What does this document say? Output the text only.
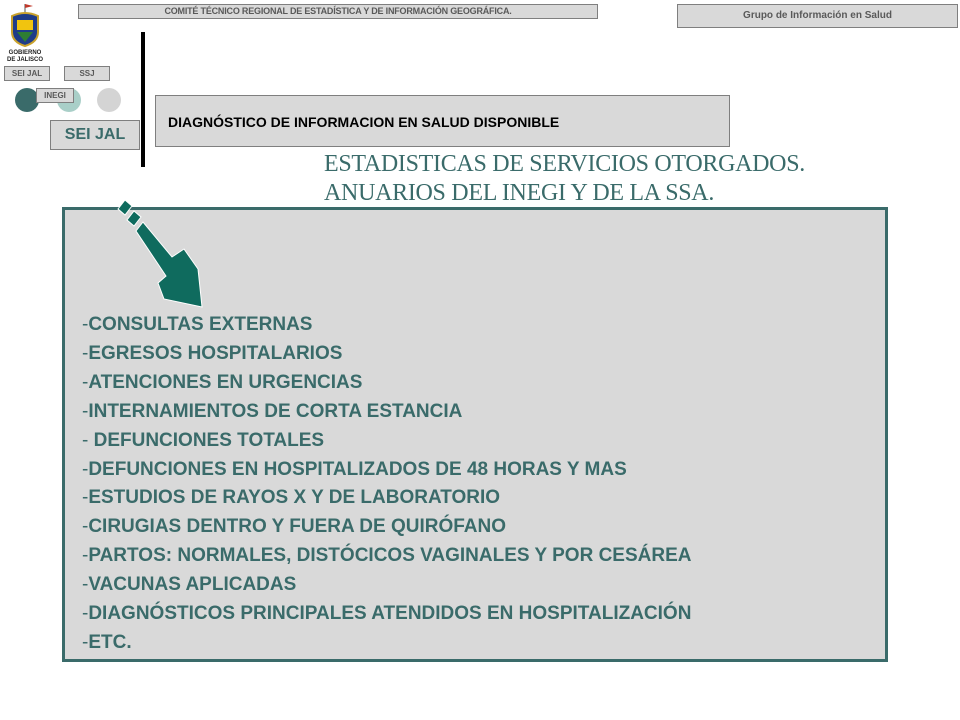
COMITÉ TÉCNICO REGIONAL DE ESTADÍSTICA Y DE INFORMACIÓN GEOGRÁFICA.	Grupo de Información en Salud
GOBIERNO
DE JALISCO
SEI JAL	SSJ
INEGI
SEI JAL
DIAGNÓSTICO DE INFORMACION EN SALUD DISPONIBLE
ESTADISTICAS DE SERVICIOS OTORGADOS.
ANUARIOS DEL INEGI Y DE LA SSA.
-CONSULTAS EXTERNAS
-EGRESOS HOSPITALARIOS
-ATENCIONES EN URGENCIAS
-INTERNAMIENTOS DE CORTA ESTANCIA
- DEFUNCIONES TOTALES
-DEFUNCIONES EN HOSPITALIZADOS DE 48 HORAS Y MAS
-ESTUDIOS DE RAYOS X Y DE LABORATORIO
-CIRUGIAS DENTRO Y FUERA DE QUIRÓFANO
-PARTOS: NORMALES, DISTÓCICOS VAGINALES Y POR CESÁREA
-VACUNAS APLICADAS
-DIAGNÓSTICOS PRINCIPALES ATENDIDOS EN HOSPITALIZACIÓN
-ETC.
